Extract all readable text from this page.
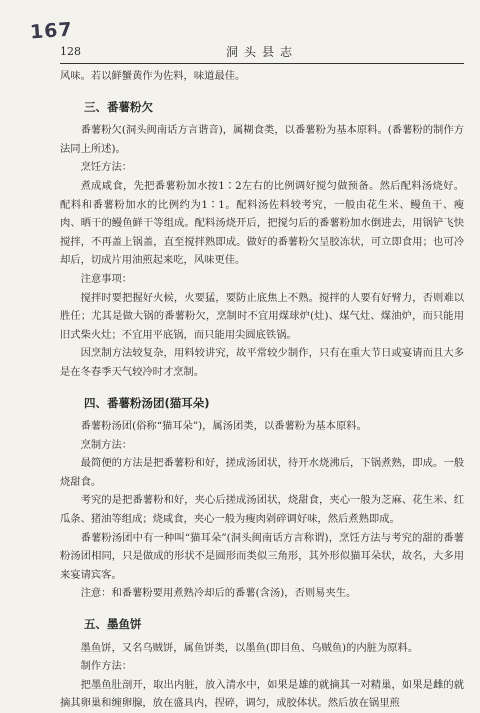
167
128	洞头县志

风味。若以鲜蟹黄作为佐料，味道最佳。

三、番薯粉欠

番薯粉欠(洞头闽南话方言谐音)，属糊食类，以番薯粉为基本原料。(番薯粉的制作方法同上所述)。

烹饪方法：

煮成咸食，先把番薯粉加水按1∶2左右的比例调好搅匀做预备。然后配料汤烧好。配料和番薯粉加水的比例约为1∶1。配料汤佐料较考究，一般由花生米、鳗鱼干、瘦肉、晒干的鳗鱼鲜干等组成。配料汤烧开后，把搅匀后的番薯粉加水倒进去，用锅铲飞快搅拌，不再盖上锅盖，直至搅拌熟即成。做好的番薯粉欠呈胶冻状，可立即食用；也可冷却后，切成片用油煎起来吃，风味更佳。

注意事项：

搅拌时要把握好火候，火要猛，要防止底焦上不熟。搅拌的人要有好臂力，否则难以胜任；尤其是做大锅的番薯粉欠，烹制时不宜用煤球炉(灶)、煤气灶、煤油炉，而只能用旧式柴火灶；不宜用平底锅，而只能用尖圆底铁锅。

因烹制方法较复杂，用料较讲究，故平常较少制作，只有在重大节日或宴请而且大多是在冬春季天气较冷时才烹制。

四、番薯粉汤团(猫耳朵)

番薯粉汤团(俗称“猫耳朵”)，属汤团类，以番薯粉为基本原料。

烹制方法：

最简便的方法是把番薯粉和好，搓成汤团状，待开水烧沸后，下锅煮熟，即成。一般烧甜食。

考究的是把番薯粉和好，夹心后搓成汤团状，烧甜食，夹心一般为芝麻、花生米、红瓜条、猪油等组成；烧咸食，夹心一般为瘦肉剁碎调好味，然后煮熟即成。

番薯粉汤团中有一种叫“猫耳朵”(洞头闽南话方言称谓)，烹饪方法与考究的甜的番薯粉汤团相同，只是做成的形状不是圆形而类似三角形，其外形似猫耳朵状，故名，大多用来宴请宾客。

注意：和番薯粉要用煮熟冷却后的番薯(含汤)，否则易夹生。

五、墨鱼饼

墨鱼饼，又名乌贼饼，属鱼饼类，以墨鱼(即目鱼、乌贼鱼)的内脏为原料。

制作方法：

把墨鱼肚剖开，取出内脏，放入清水中，如果是雄的就摘其一对精巢，如果是雌的就摘其卵巢和缠卵腺，放在盛具内，捏碎，调匀，成胶体状。然后放在锅里煎
